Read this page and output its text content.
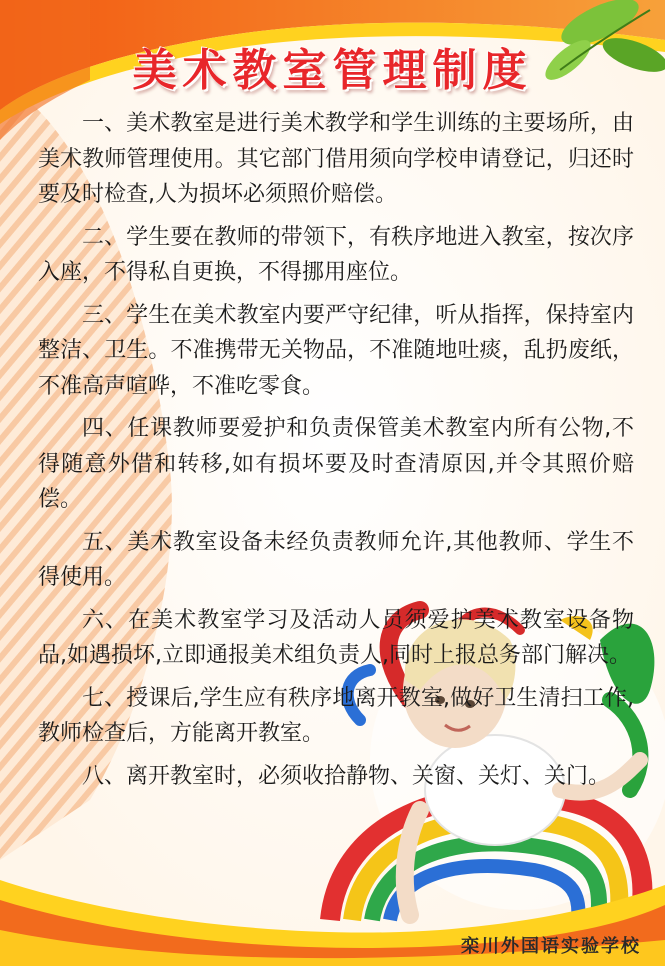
美术教室管理制度

一、美术教室是进行美术教学和学生训练的主要场所，由美术教师管理使用。其它部门借用须向学校申请登记，归还时要及时检查,人为损坏必须照价赔偿。

二、学生要在教师的带领下，有秩序地进入教室，按次序入座，不得私自更换，不得挪用座位。

三、学生在美术教室内要严守纪律，听从指挥，保持室内整洁、卫生。不准携带无关物品，不准随地吐痰，乱扔废纸，不准高声喧哗，不准吃零食。

四、任课教师要爱护和负责保管美术教室内所有公物,不得随意外借和转移,如有损坏要及时查清原因,并令其照价赔偿。

五、美术教室设备未经负责教师允许,其他教师、学生不得使用。

六、在美术教室学习及活动人员须爱护美术教室设备物品,如遇损坏,立即通报美术组负责人,同时上报总务部门解决。

七、授课后,学生应有秩序地离开教室,做好卫生清扫工作,教师检查后，方能离开教室。

八、离开教室时，必须收拾静物、关窗、关灯、关门。

栾川外国语实验学校
